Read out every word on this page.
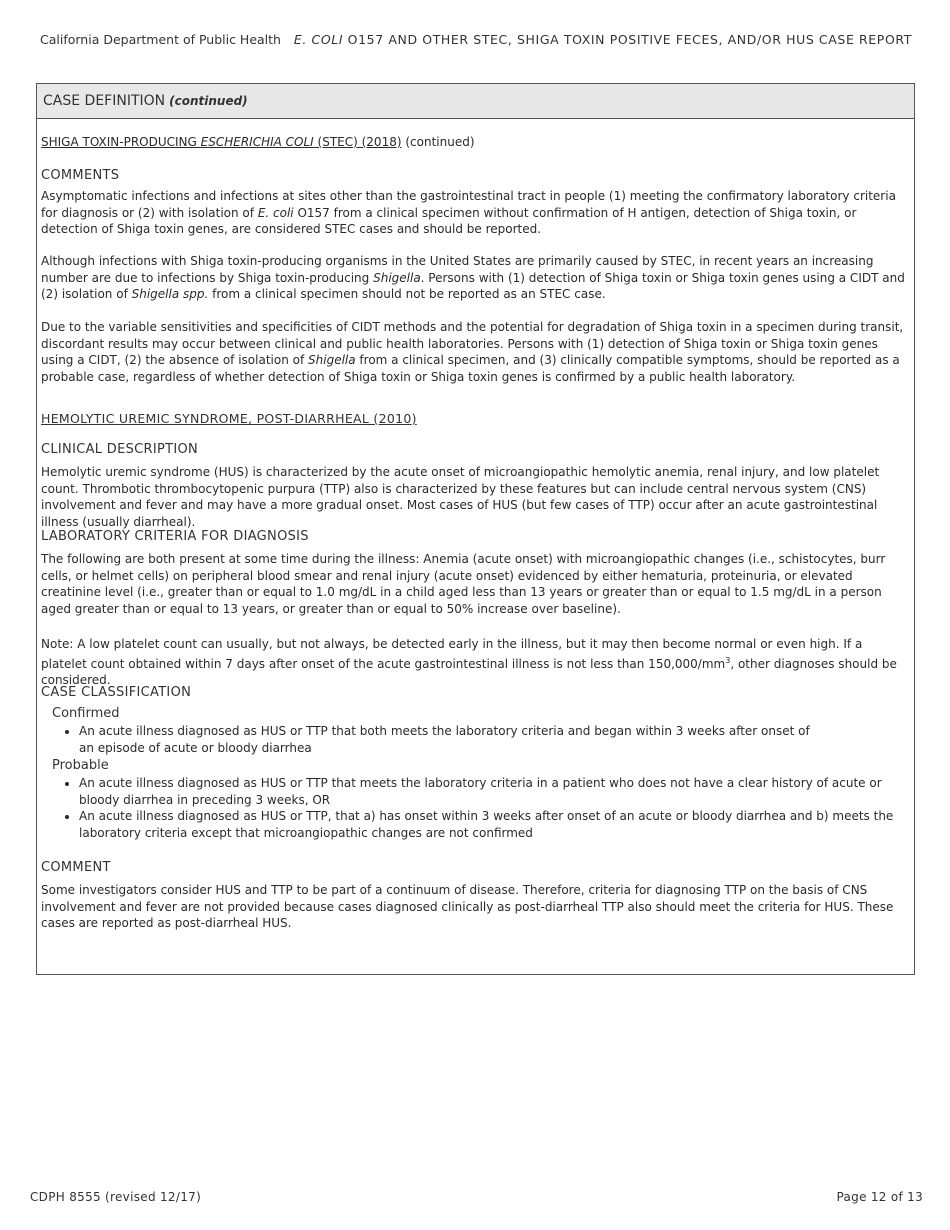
California Department of Public Health E. COLI O157 AND OTHER STEC, SHIGA TOXIN POSITIVE FECES, AND/OR HUS CASE REPORT
CASE DEFINITION (continued)
SHIGA TOXIN-PRODUCING ESCHERICHIA COLI (STEC) (2018) (continued)
COMMENTS

Asymptomatic infections and infections at sites other than the gastrointestinal tract in people (1) meeting the confirmatory laboratory criteria for diagnosis or (2) with isolation of E. coli O157 from a clinical specimen without confirmation of H antigen, detection of Shiga toxin, or detection of Shiga toxin genes, are considered STEC cases and should be reported.

Although infections with Shiga toxin-producing organisms in the United States are primarily caused by STEC, in recent years an increasing number are due to infections by Shiga toxin-producing Shigella. Persons with (1) detection of Shiga toxin or Shiga toxin genes using a CIDT and (2) isolation of Shigella spp. from a clinical specimen should not be reported as an STEC case.

Due to the variable sensitivities and specificities of CIDT methods and the potential for degradation of Shiga toxin in a specimen during transit, discordant results may occur between clinical and public health laboratories. Persons with (1) detection of Shiga toxin or Shiga toxin genes using a CIDT, (2) the absence of isolation of Shigella from a clinical specimen, and (3) clinically compatible symptoms, should be reported as a probable case, regardless of whether detection of Shiga toxin or Shiga toxin genes is confirmed by a public health laboratory.

HEMOLYTIC UREMIC SYNDROME, POST-DIARRHEAL (2010)
CLINICAL DESCRIPTION

Hemolytic uremic syndrome (HUS) is characterized by the acute onset of microangiopathic hemolytic anemia, renal injury, and low platelet count. Thrombotic thrombocytopenic purpura (TTP) also is characterized by these features but can include central nervous system (CNS) involvement and fever and may have a more gradual onset. Most cases of HUS (but few cases of TTP) occur after an acute gastrointestinal illness (usually diarrheal).

LABORATORY CRITERIA FOR DIAGNOSIS

The following are both present at some time during the illness: Anemia (acute onset) with microangiopathic changes (i.e., schistocytes, burr cells, or helmet cells) on peripheral blood smear and renal injury (acute onset) evidenced by either hematuria, proteinuria, or elevated creatinine level (i.e., greater than or equal to 1.0 mg/dL in a child aged less than 13 years or greater than or equal to 1.5 mg/dL in a person aged greater than or equal to 13 years, or greater than or equal to 50% increase over baseline).

Note: A low platelet count can usually, but not always, be detected early in the illness, but it may then become normal or even high. If a platelet count obtained within 7 days after onset of the acute gastrointestinal illness is not less than $150,000/mm^3$, other diagnoses should be considered.

CASE CLASSIFICATION
Confirmed
• An acute illness diagnosed as HUS or TTP that both meets the laboratory criteria and began within 3 weeks after onset of an episode of acute or bloody diarrhea
Probable
• An acute illness diagnosed as HUS or TTP that meets the laboratory criteria in a patient who does not have a clear history of acute or bloody diarrhea in preceding 3 weeks, OR
• An acute illness diagnosed as HUS or TTP, that a) has onset within 3 weeks after onset of an acute or bloody diarrhea and b) meets the laboratory criteria except that microangiopathic changes are not confirmed
COMMENT

Some investigators consider HUS and TTP to be part of a continuum of disease. Therefore, criteria for diagnosing TTP on the basis of CNS involvement and fever are not provided because cases diagnosed clinically as post-diarrheal TTP also should meet the criteria for HUS. These cases are reported as post-diarrheal HUS.

CDPH 8555 (revised 12/17)	Page 12 of 13
